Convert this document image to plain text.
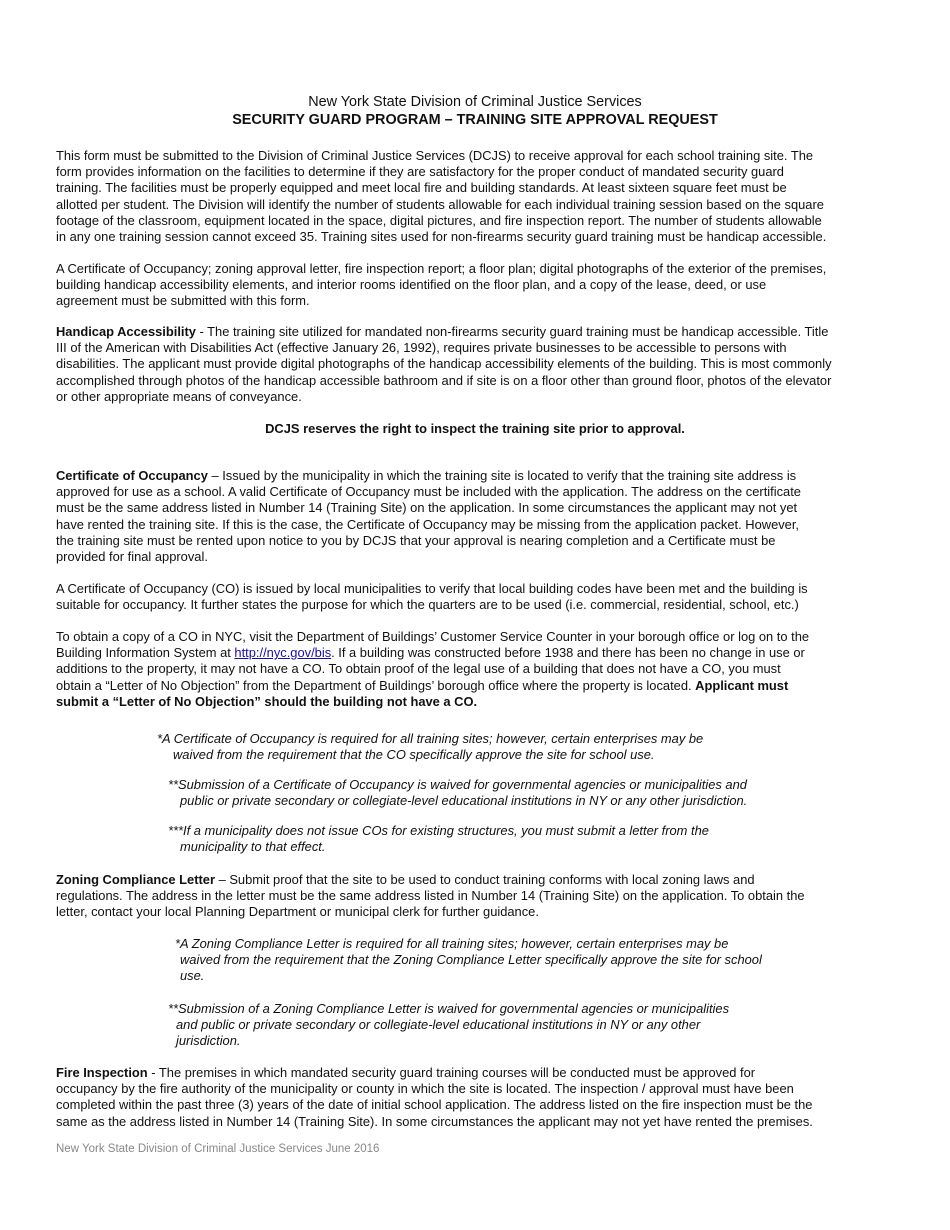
New York State Division of Criminal Justice Services
SECURITY GUARD PROGRAM – TRAINING SITE APPROVAL REQUEST

This form must be submitted to the Division of Criminal Justice Services (DCJS) to receive approval for each school training site. The
form provides information on the facilities to determine if they are satisfactory for the proper conduct of mandated security guard
training. The facilities must be properly equipped and meet local fire and building standards. At least sixteen square feet must be
allotted per student. The Division will identify the number of students allowable for each individual training session based on the square
footage of the classroom, equipment located in the space, digital pictures, and fire inspection report. The number of students allowable
in any one training session cannot exceed 35. Training sites used for non-firearms security guard training must be handicap accessible.

A Certificate of Occupancy; zoning approval letter, fire inspection report; a floor plan; digital photographs of the exterior of the premises,
building handicap accessibility elements, and interior rooms identified on the floor plan, and a copy of the lease, deed, or use
agreement must be submitted with this form.

Handicap Accessibility - The training site utilized for mandated non-firearms security guard training must be handicap accessible. Title
III of the American with Disabilities Act (effective January 26, 1992), requires private businesses to be accessible to persons with
disabilities. The applicant must provide digital photographs of the handicap accessibility elements of the building. This is most commonly
accomplished through photos of the handicap accessible bathroom and if site is on a floor other than ground floor, photos of the elevator
or other appropriate means of conveyance.

DCJS reserves the right to inspect the training site prior to approval.

Certificate of Occupancy – Issued by the municipality in which the training site is located to verify that the training site address is
approved for use as a school. A valid Certificate of Occupancy must be included with the application. The address on the certificate
must be the same address listed in Number 14 (Training Site) on the application. In some circumstances the applicant may not yet
have rented the training site. If this is the case, the Certificate of Occupancy may be missing from the application packet. However,
the training site must be rented upon notice to you by DCJS that your approval is nearing completion and a Certificate must be
provided for final approval.

A Certificate of Occupancy (CO) is issued by local municipalities to verify that local building codes have been met and the building is
suitable for occupancy. It further states the purpose for which the quarters are to be used (i.e. commercial, residential, school, etc.)

To obtain a copy of a CO in NYC, visit the Department of Buildings’ Customer Service Counter in your borough office or log on to the
Building Information System at http://nyc.gov/bis. If a building was constructed before 1938 and there has been no change in use or
additions to the property, it may not have a CO. To obtain proof of the legal use of a building that does not have a CO, you must
obtain a “Letter of No Objection” from the Department of Buildings’ borough office where the property is located. Applicant must
submit a “Letter of No Objection” should the building not have a CO.

*A Certificate of Occupancy is required for all training sites; however, certain enterprises may be
waived from the requirement that the CO specifically approve the site for school use.

**Submission of a Certificate of Occupancy is waived for governmental agencies or municipalities and
public or private secondary or collegiate-level educational institutions in NY or any other jurisdiction.

***If a municipality does not issue COs for existing structures, you must submit a letter from the
municipality to that effect.

Zoning Compliance Letter – Submit proof that the site to be used to conduct training conforms with local zoning laws and
regulations. The address in the letter must be the same address listed in Number 14 (Training Site) on the application. To obtain the
letter, contact your local Planning Department or municipal clerk for further guidance.

*A Zoning Compliance Letter is required for all training sites; however, certain enterprises may be
waived from the requirement that the Zoning Compliance Letter specifically approve the site for school
use.

**Submission of a Zoning Compliance Letter is waived for governmental agencies or municipalities
and public or private secondary or collegiate-level educational institutions in NY or any other
jurisdiction.

Fire Inspection - The premises in which mandated security guard training courses will be conducted must be approved for
occupancy by the fire authority of the municipality or county in which the site is located. The inspection / approval must have been
completed within the past three (3) years of the date of initial school application. The address listed on the fire inspection must be the
same as the address listed in Number 14 (Training Site). In some circumstances the applicant may not yet have rented the premises.

New York State Division of Criminal Justice Services June 2016
